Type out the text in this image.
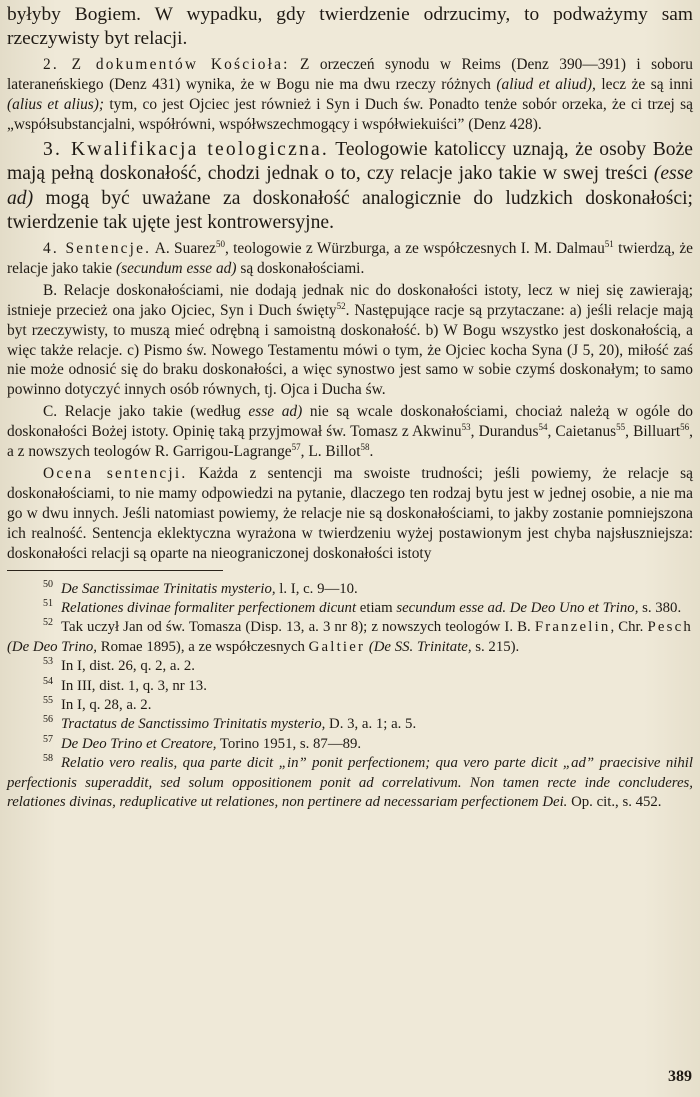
byłyby Bogiem. W wypadku, gdy twierdzenie odrzucimy, to podważymy sam rzeczywisty byt relacji.

2. Z dokumentów Kościoła: Z orzeczeń synodu w Reims (Denz 390—391) i soboru lateraneńskiego (Denz 431) wynika, że w Bogu nie ma dwu rzeczy różnych (aliud et aliud), lecz że są inni (alius et alius); tym, co jest Ojciec jest również i Syn i Duch św. Ponadto tenże sobór orzeka, że ci trzej są „współsubstancjalni, współrówni, współwszechmogący i współwiekuiści” (Denz 428).

3. Kwalifikacja teologiczna. Teologowie katoliccy uznają, że osoby Boże mają pełną doskonałość, chodzi jednak o to, czy relacje jako takie w swej treści (esse ad) mogą być uważane za doskonałość analogicznie do ludzkich doskonałości; twierdzenie tak ujęte jest kontrowersyjne.

4. Sentencje. A. Suarez$^{50}$, teologowie z Würzburga, a ze współczesnych I. M. Dalmau$^{51}$ twierdzą, że relacje jako takie (secundum esse ad) są doskonałościami.

B. Relacje doskonałościami, nie dodają jednak nic do doskonałości istoty, lecz w niej się zawierają; istnieje przecież ona jako Ojciec, Syn i Duch święty$^{52}$. Następujące racje są przytaczane: a) jeśli relacje mają byt rzeczywisty, to muszą mieć odrębną i samoistną doskonałość. b) W Bogu wszystko jest doskonałością, a więc także relacje. c) Pismo św. Nowego Testamentu mówi o tym, że Ojciec kocha Syna (J 5, 20), miłość zaś nie może odnosić się do braku doskonałości, a więc synostwo jest samo w sobie czymś doskonałym; to samo powinno dotyczyć innych osób równych, tj. Ojca i Ducha św.

C. Relacje jako takie (według esse ad) nie są wcale doskonałościami, chociaż należą w ogóle do doskonałości Bożej istoty. Opinię taką przyjmował św. Tomasz z Akwinu$^{53}$, Durandus$^{54}$, Caietanus$^{55}$, Billuart$^{56}$, a z nowszych teologów R. Garrigou-Lagrange$^{57}$, L. Billot$^{58}$.

Ocena sentencji. Każda z sentencji ma swoiste trudności; jeśli powiemy, że relacje są doskonałościami, to nie mamy odpowiedzi na pytanie, dlaczego ten rodzaj bytu jest w jednej osobie, a nie ma go w dwu innych. Jeśli natomiast powiemy, że relacje nie są doskonałościami, to jakby zostanie pomniejszona ich realność. Sentencja eklektyczna wyrażona w twierdzeniu wyżej postawionym jest chyba najsłuszniejsza: doskonałości relacji są oparte na nieograniczonej doskonałości istoty

$^{50}$ De Sanctissimae Trinitatis mysterio, l. I, c. 9—10.

$^{51}$ Relationes divinae formaliter perfectionem dicunt etiam secundum esse ad. De Deo Uno et Trino, s. 380.

$^{52}$ Tak uczył Jan od św. Tomasza (Disp. 13, a. 3 nr 8); z nowszych teologów I. B. Franzelin, Chr. Pesch (De Deo Trino, Romae 1895), a ze współczesnych Galtier (De SS. Trinitate, s. 215).

$^{53}$ In I, dist. 26, q. 2, a. 2.

$^{54}$ In III, dist. 1, q. 3, nr 13.

$^{55}$ In I, q. 28, a. 2.

$^{56}$ Tractatus de Sanctissimo Trinitatis mysterio, D. 3, a. 1; a. 5.

$^{57}$ De Deo Trino et Creatore, Torino 1951, s. 87—89.

$^{58}$ Relatio vero realis, qua parte dicit „in” ponit perfectionem; qua vero parte dicit „ad” praecisive nihil perfectionis superaddit, sed solum oppositionem ponit ad correlativum. Non tamen recte inde concluderes, relationes divinas, reduplicative ut relationes, non pertinere ad necessariam perfectionem Dei. Op. cit., s. 452.

389
